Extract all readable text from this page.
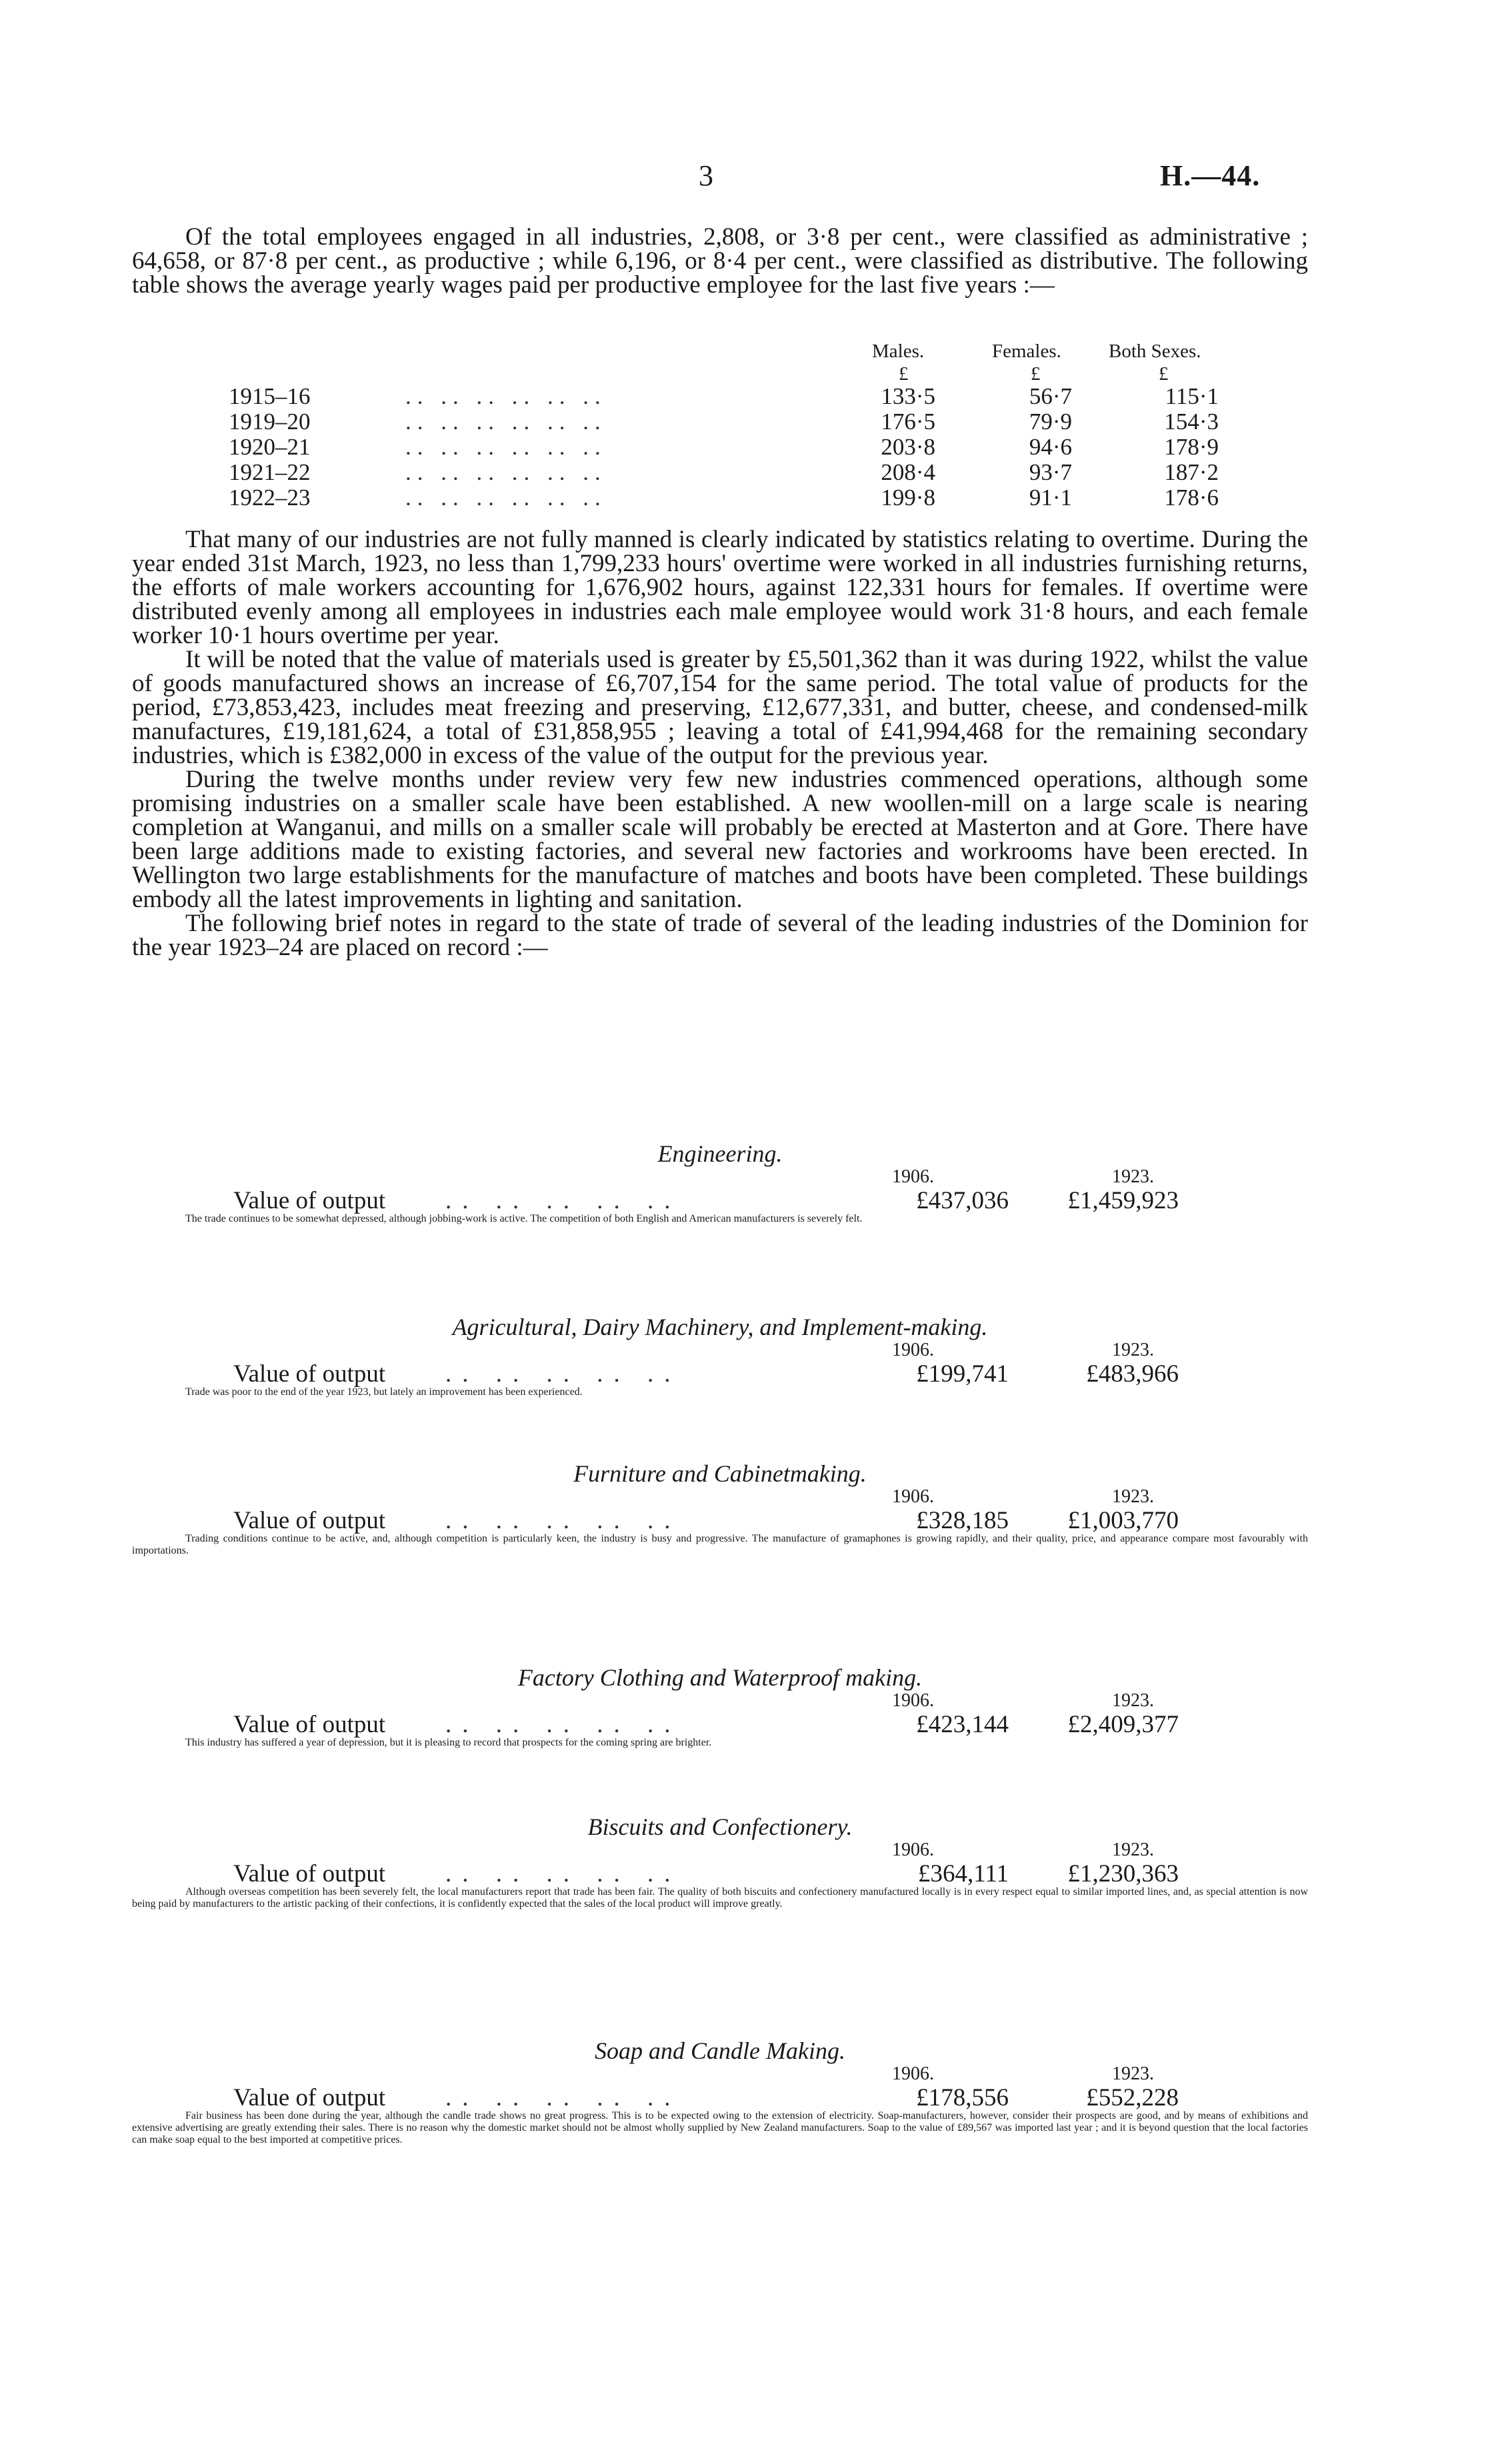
3	H.—44.

Of the total employees engaged in all industries, 2,808, or 3·8 per cent., were classified as administrative ; 64,658, or 87·8 per cent., as productive ; while 6,196, or 8·4 per cent., were classified as distributive. The following table shows the average yearly wages paid per productive employee for the last five years :—

Males.	Females. Both Sexes.
£	£	£
1915–16	.. .. .. .. .. ..	133·5	56·7	115·1
1919–20	.. .. .. .. .. ..	176·5	79·9	154·3
1920–21	.. .. .. .. .. ..	203·8	94·6	178·9
1921–22	.. .. .. .. .. ..	208·4	93·7	187·2
1922–23	.. .. .. .. .. ..	199·8	91·1	178·6

That many of our industries are not fully manned is clearly indicated by statistics relating to overtime. During the year ended 31st March, 1923, no less than 1,799,233 hours' overtime were worked in all industries furnishing returns, the efforts of male workers accounting for 1,676,902 hours, against 122,331 hours for females. If overtime were distributed evenly among all employees in industries each male employee would work 31·8 hours, and each female worker 10·1 hours overtime per year.

It will be noted that the value of materials used is greater by £5,501,362 than it was during 1922, whilst the value of goods manufactured shows an increase of £6,707,154 for the same period. The total value of products for the period, £73,853,423, includes meat freezing and preserving, £12,677,331, and butter, cheese, and condensed-milk manufactures, £19,181,624, a total of £31,858,955 ; leaving a total of £41,994,468 for the remaining secondary industries, which is £382,000 in excess of the value of the output for the previous year.

During the twelve months under review very few new industries commenced operations, although some promising industries on a smaller scale have been established. A new woollen-mill on a large scale is nearing completion at Wanganui, and mills on a smaller scale will probably be erected at Masterton and at Gore. There have been large additions made to existing factories, and several new factories and workrooms have been erected. In Wellington two large establishments for the manufacture of matches and boots have been completed. These buildings embody all the latest improvements in lighting and sanitation.

The following brief notes in regard to the state of trade of several of the leading industries of the Dominion for the year 1923–24 are placed on record :—

Engineering.
1906.	1923.
Value of output .. .. .. .. ..	£437,036	£1,459,923

The trade continues to be somewhat depressed, although jobbing-work is active. The competition of both English and American manufacturers is severely felt.

Agricultural, Dairy Machinery, and Implement-making.
1906.	1923.
Value of output .. .. .. .. ..	£199,741	£483,966

Trade was poor to the end of the year 1923, but lately an improvement has been experienced.

Furniture and Cabinetmaking.
1906.	1923.
Value of output .. .. .. .. ..	£328,185	£1,003,770

Trading conditions continue to be active, and, although competition is particularly keen, the industry is busy and progressive. The manufacture of gramaphones is growing rapidly, and their quality, price, and appearance compare most favourably with importations.

Factory Clothing and Waterproof making.
1906.	1923.
Value of output .. .. .. .. ..	£423,144	£2,409,377

This industry has suffered a year of depression, but it is pleasing to record that prospects for the coming spring are brighter.

Biscuits and Confectionery.
1906.	1923.
Value of output .. .. .. .. ..	£364,111	£1,230,363

Although overseas competition has been severely felt, the local manufacturers report that trade has been fair. The quality of both biscuits and confectionery manufactured locally is in every respect equal to similar imported lines, and, as special attention is now being paid by manufacturers to the artistic packing of their confections, it is confidently expected that the sales of the local product will improve greatly.

Soap and Candle Making.
1906.	1923.
Value of output .. .. .. .. ..	£178,556	£552,228

Fair business has been done during the year, although the candle trade shows no great progress. This is to be expected owing to the extension of electricity. Soap-manufacturers, however, consider their prospects are good, and by means of exhibitions and extensive advertising are greatly extending their sales. There is no reason why the domestic market should not be almost wholly supplied by New Zealand manufacturers. Soap to the value of £89,567 was imported last year ; and it is beyond question that the local factories can make soap equal to the best imported at competitive prices.
